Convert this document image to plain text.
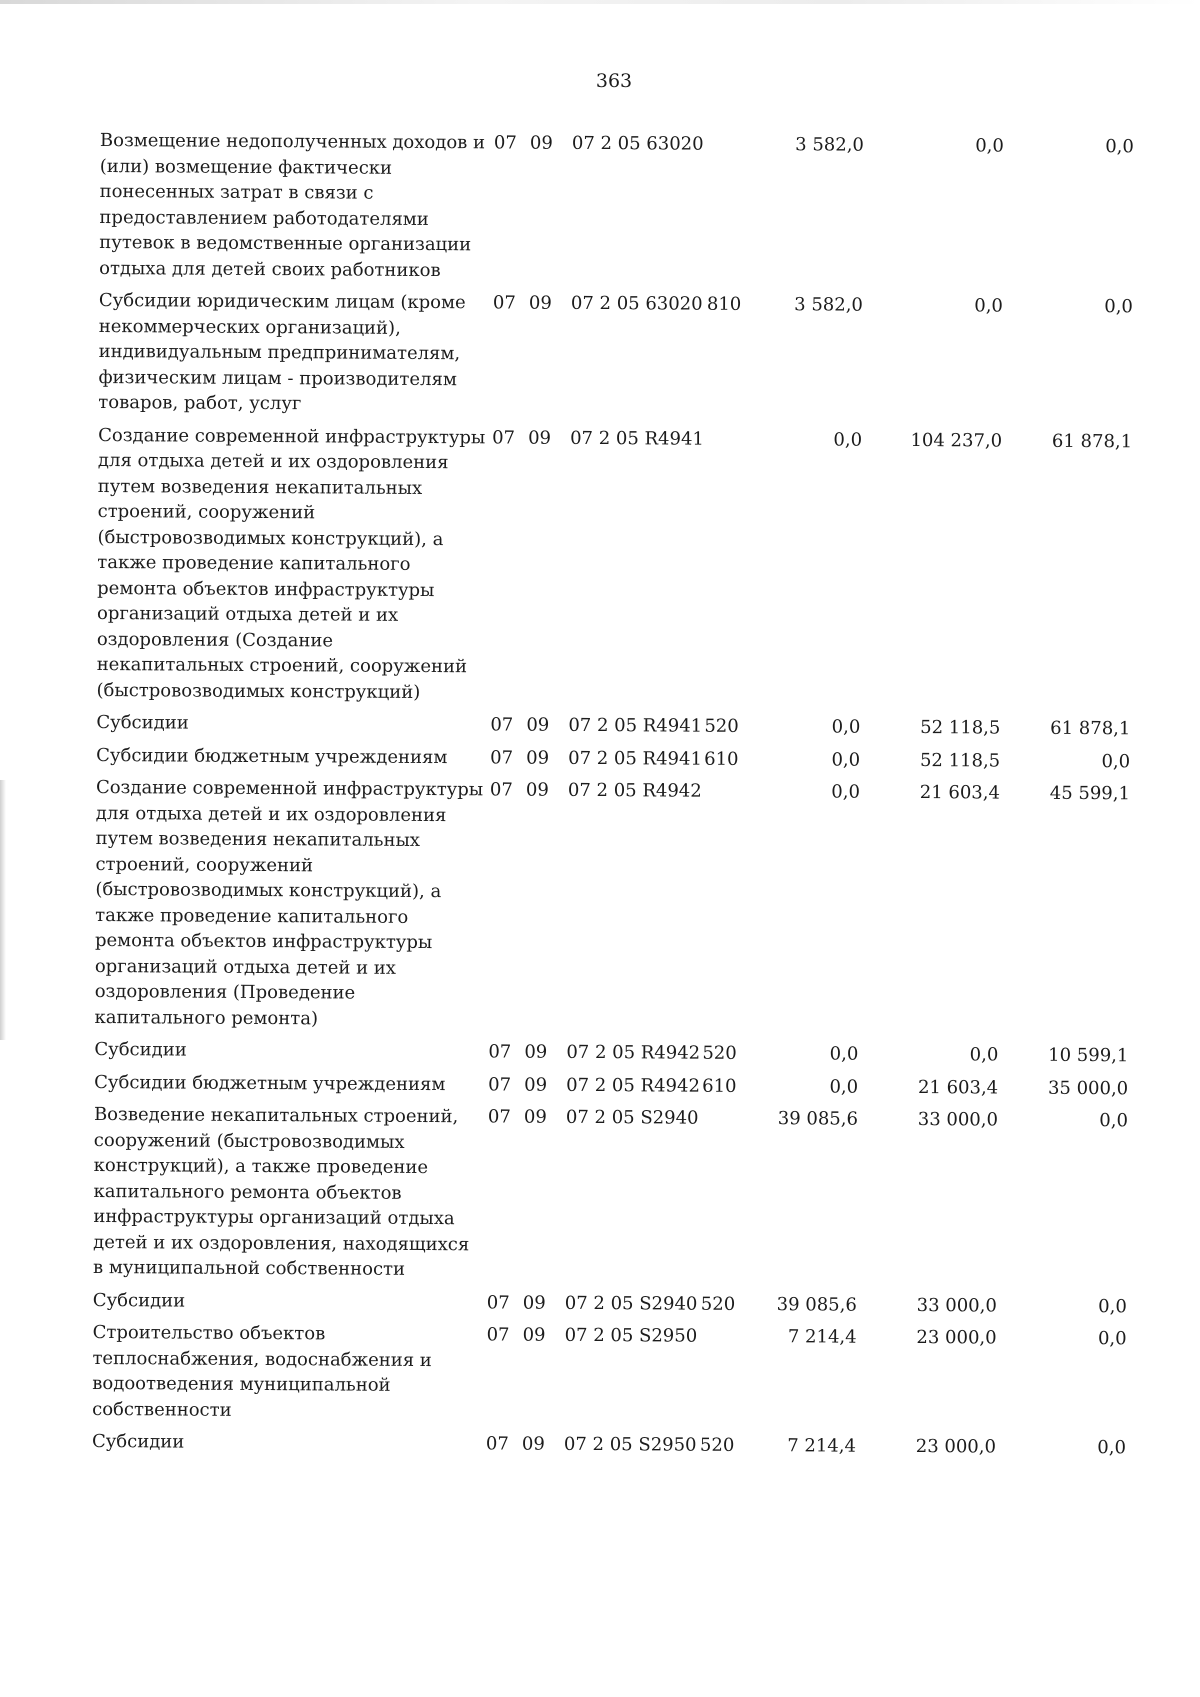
363
Возмещение недополученных доходов и (или) возмещение фактически понесенных затрат в связи с предоставлением работодателями путевок в ведомственные организации отдыха для детей своих работников	07	09	07 2 05 63020		3 582,0	0,0	0,0
Субсидии юридическим лицам (кроме некоммерческих организаций), индивидуальным предпринимателям, физическим лицам - производителям товаров, работ, услуг	07	09	07 2 05 63020	810	3 582,0	0,0	0,0
Создание современной инфраструктуры для отдыха детей и их оздоровления путем возведения некапитальных строений, сооружений (быстровозводимых конструкций), а также проведение капитального ремонта объектов инфраструктуры организаций отдыха детей и их оздоровления (Создание некапитальных строений, сооружений (быстровозводимых конструкций)	07	09	07 2 05 R4941		0,0	104 237,0	61 878,1
Субсидии	07	09	07 2 05 R4941	520	0,0	52 118,5	61 878,1
Субсидии бюджетным учреждениям	07	09	07 2 05 R4941	610	0,0	52 118,5	0,0
Создание современной инфраструктуры для отдыха детей и их оздоровления путем возведения некапитальных строений, сооружений (быстровозводимых конструкций), а также проведение капитального ремонта объектов инфраструктуры организаций отдыха детей и их оздоровления (Проведение капитального ремонта)	07	09	07 2 05 R4942		0,0	21 603,4	45 599,1
Субсидии	07	09	07 2 05 R4942	520	0,0	0,0	10 599,1
Субсидии бюджетным учреждениям	07	09	07 2 05 R4942	610	0,0	21 603,4	35 000,0
Возведение некапитальных строений, сооружений (быстровозводимых конструкций), а также проведение капитального ремонта объектов инфраструктуры организаций отдыха детей и их оздоровления, находящихся в муниципальной собственности	07	09	07 2 05 S2940		39 085,6	33 000,0	0,0
Субсидии	07	09	07 2 05 S2940	520	39 085,6	33 000,0	0,0
Строительство объектов теплоснабжения, водоснабжения и водоотведения муниципальной собственности	07	09	07 2 05 S2950		7 214,4	23 000,0	0,0
Субсидии	07	09	07 2 05 S2950	520	7 214,4	23 000,0	0,0
